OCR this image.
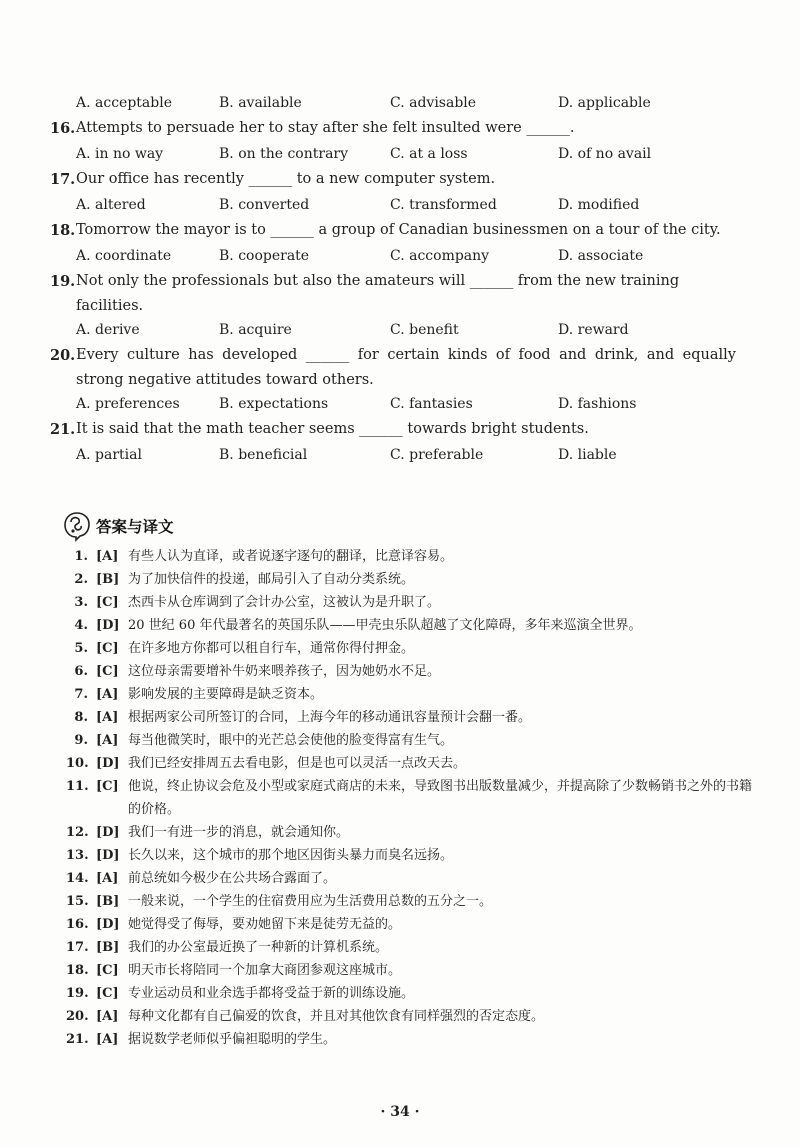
A. acceptable	B. available	C. advisable	D. applicable
16. Attempts to persuade her to stay after she felt insulted were ______.
A. in no way	B. on the contrary	C. at a loss	D. of no avail
17. Our office has recently ______ to a new computer system.
A. altered	B. converted	C. transformed	D. modified
18. Tomorrow the mayor is to ______ a group of Canadian businessmen on a tour of the city.
A. coordinate	B. cooperate	C. accompany	D. associate
19. Not only the professionals but also the amateurs will ______ from the new training facilities.
A. derive	B. acquire	C. benefit	D. reward
20. Every culture has developed ______ for certain kinds of food and drink, and equally strong negative attitudes toward others.
A. preferences	B. expectations	C. fantasies	D. fashions
21. It is said that the math teacher seems ______ towards bright students.
A. partial	B. beneficial	C. preferable	D. liable
答案与译文
1. [A] 有些人认为直译，或者说逐字逐句的翻译，比意译容易。
2. [B] 为了加快信件的投递，邮局引入了自动分类系统。
3. [C] 杰西卡从仓库调到了会计办公室，这被认为是升职了。
4. [D] 20 世纪 60 年代最著名的英国乐队——甲壳虫乐队超越了文化障碍，多年来巡演全世界。
5. [C] 在许多地方你都可以租自行车，通常你得付押金。
6. [C] 这位母亲需要增补牛奶来喂养孩子，因为她奶水不足。
7. [A] 影响发展的主要障碍是缺乏资本。
8. [A] 根据两家公司所签订的合同，上海今年的移动通讯容量预计会翻一番。
9. [A] 每当他微笑时，眼中的光芒总会使他的脸变得富有生气。
10. [D] 我们已经安排周五去看电影，但是也可以灵活一点改天去。
11. [C] 他说，终止协议会危及小型或家庭式商店的未来，导致图书出版数量减少，并提高除了少数畅销书之外的书籍的价格。
12. [D] 我们一有进一步的消息，就会通知你。
13. [D] 长久以来，这个城市的那个地区因街头暴力而臭名远扬。
14. [A] 前总统如今极少在公共场合露面了。
15. [B] 一般来说，一个学生的住宿费用应为生活费用总数的五分之一。
16. [D] 她觉得受了侮辱，要劝她留下来是徒劳无益的。
17. [B] 我们的办公室最近换了一种新的计算机系统。
18. [C] 明天市长将陪同一个加拿大商团参观这座城市。
19. [C] 专业运动员和业余选手都将受益于新的训练设施。
20. [A] 每种文化都有自己偏爱的饮食，并且对其他饮食有同样强烈的否定态度。
21. [A] 据说数学老师似乎偏袒聪明的学生。
· 34 ·
